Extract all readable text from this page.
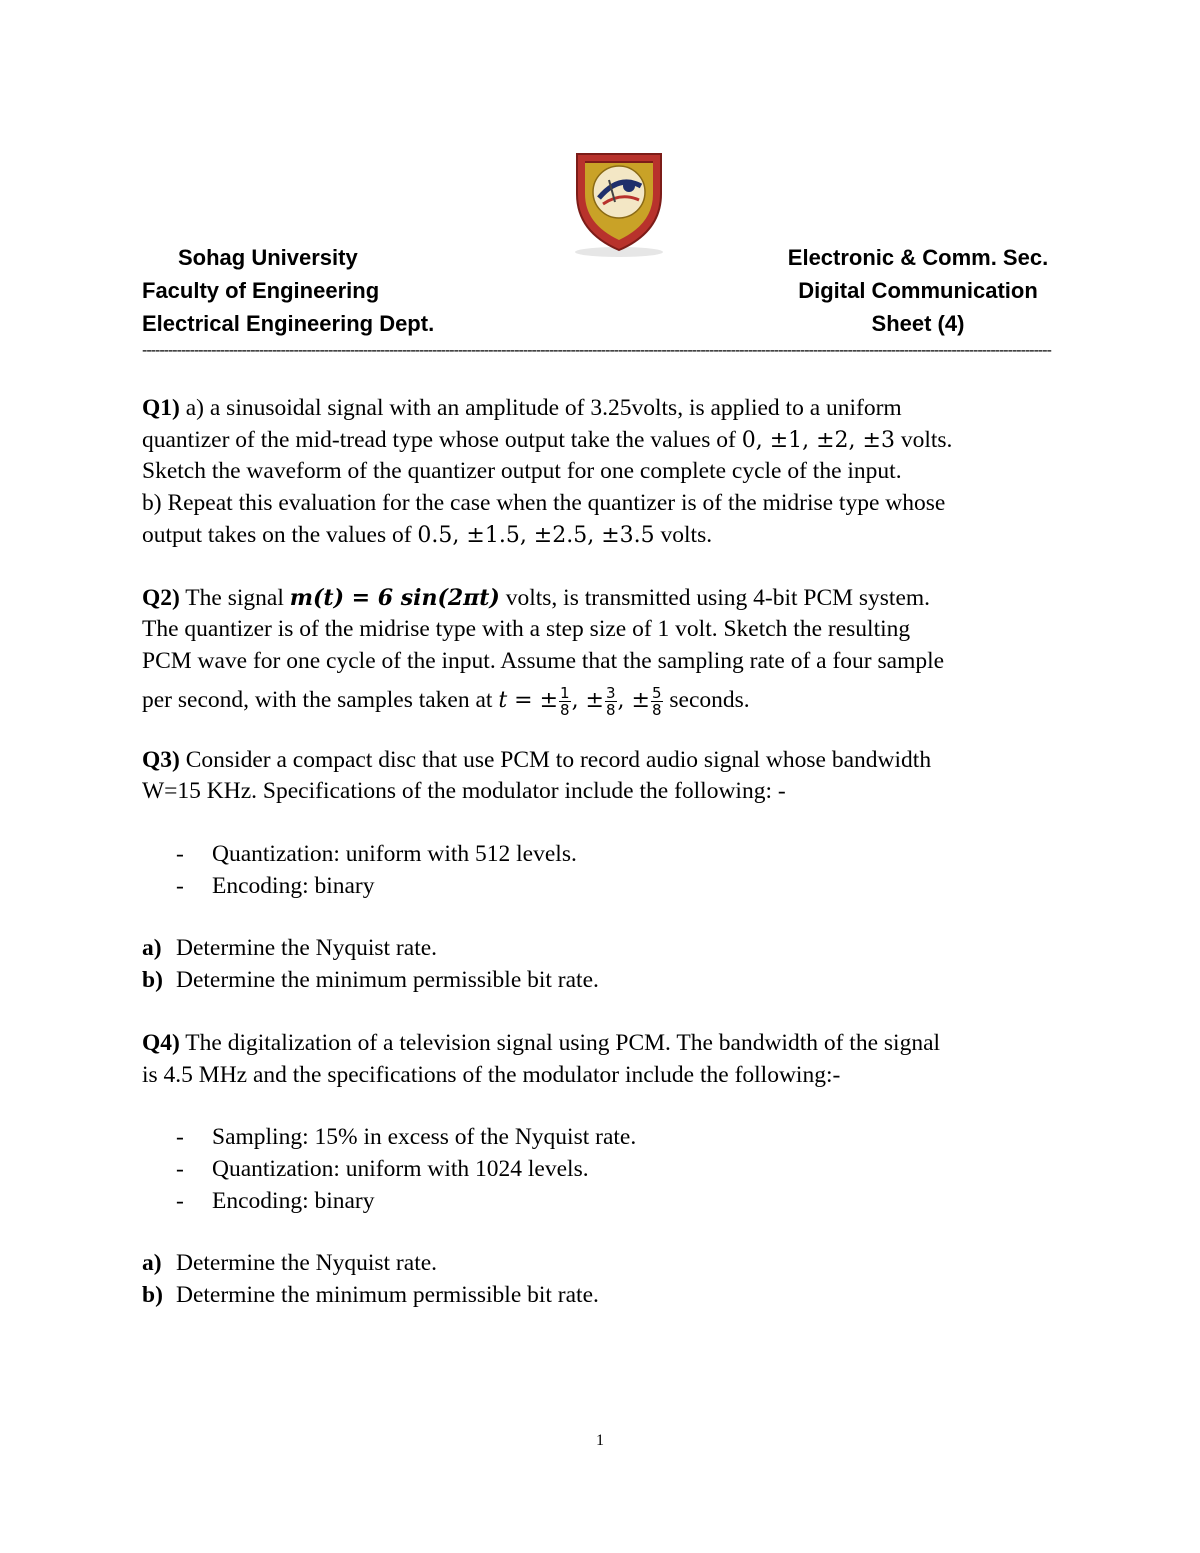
Sohag University
Faculty of Engineering
Electrical Engineering Dept.
Electronic & Comm. Sec.
Digital Communication
Sheet (4)
------------------------------------------------------------------------------------------------------------------------------------------------------------------------------------------------------------------

Q1) a) a sinusoidal signal with an amplitude of 3.25volts, is applied to a uniform

quantizer of the mid-tread type whose output take the values of 0, ±1, ±2, ±3 volts.

Sketch the waveform of the quantizer output for one complete cycle of the input.

b) Repeat this evaluation for the case when the quantizer is of the midrise type whose

output takes on the values of 0.5, ±1.5, ±2.5, ±3.5 volts.

Q2) The signal m(t) = 6 sin(2πt) volts, is transmitted using 4-bit PCM system.

The quantizer is of the midrise type with a step size of 1 volt. Sketch the resulting

PCM wave for one cycle of the input. Assume that the sampling rate of a four sample

per second, with the samples taken at t = ± $\frac{1}{8}$ , ± $\frac{3}{8}$ , ± $\frac{5}{8}$ seconds.

Q3) Consider a compact disc that use PCM to record audio signal whose bandwidth

W=15 KHz. Specifications of the modulator include the following: -

- Quantization: uniform with 512 levels.
- Encoding: binary
a) Determine the Nyquist rate.
b) Determine the minimum permissible bit rate.

Q4) The digitalization of a television signal using PCM. The bandwidth of the signal

is 4.5 MHz and the specifications of the modulator include the following:-

- Sampling: 15% in excess of the Nyquist rate.
- Quantization: uniform with 1024 levels.
- Encoding: binary
a) Determine the Nyquist rate.
b) Determine the minimum permissible bit rate.
1
